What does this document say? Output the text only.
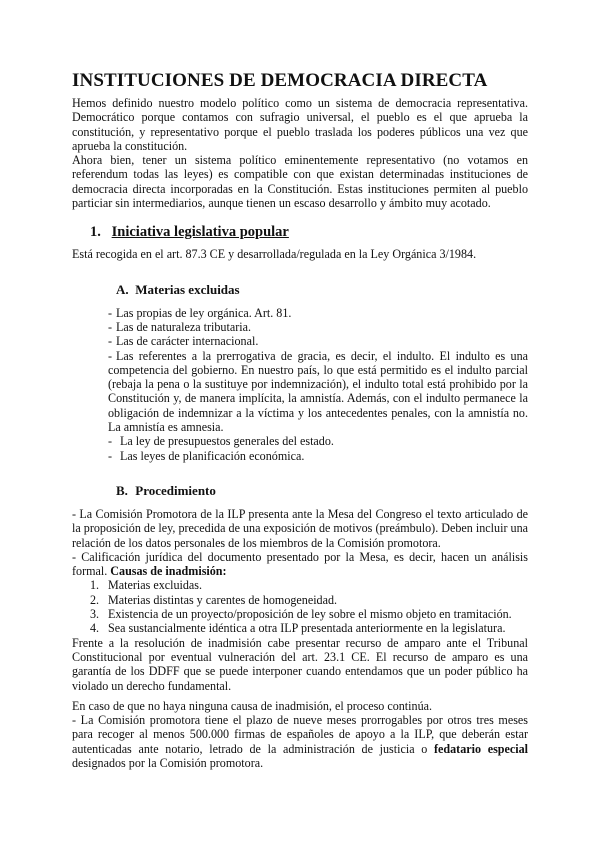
INSTITUCIONES DE DEMOCRACIA DIRECTA

Hemos definido nuestro modelo político como un sistema de democracia representativa. Democrático porque contamos con sufragio universal, el pueblo es el que aprueba la constitución, y representativo porque el pueblo traslada los poderes públicos una vez que aprueba la constitución.

Ahora bien, tener un sistema político eminentemente representativo (no votamos en referendum todas las leyes) es compatible con que existan determinadas instituciones de democracia directa incorporadas en la Constitución. Estas instituciones permiten al pueblo particiar sin intermediarios, aunque tienen un escaso desarrollo y ámbito muy acotado.

1. Iniciativa legislativa popular

Está recogida en el art. 87.3 CE y desarrollada/regulada en la Ley Orgánica 3/1984.

A. Materias excluidas
- Las propias de ley orgánica. Art. 81.
- Las de naturaleza tributaria.
- Las de carácter internacional.
- Las referentes a la prerrogativa de gracia, es decir, el indulto. El indulto es una competencia del gobierno. En nuestro país, lo que está permitido es el indulto parcial (rebaja la pena o la sustituye por indemnización), el indulto total está prohibido por la Constitución y, de manera implícita, la amnistía. Además, con el indulto permanece la obligación de indemnizar a la víctima y los antecedentes penales, con la amnistía no. La amnistía es amnesia.
- La ley de presupuestos generales del estado.
- Las leyes de planificación económica.
B. Procedimiento

- La Comisión Promotora de la ILP presenta ante la Mesa del Congreso el texto articulado de la proposición de ley, precedida de una exposición de motivos (preámbulo). Deben incluir una relación de los datos personales de los miembros de la Comisión promotora.

- Calificación jurídica del documento presentado por la Mesa, es decir, hacen un análisis formal. Causas de inadmisión:

1. Materias excluidas.
2. Materias distintas y carentes de homogeneidad.
3. Existencia de un proyecto/proposición de ley sobre el mismo objeto en tramitación.
4. Sea sustancialmente idéntica a otra ILP presentada anteriormente en la legislatura.

Frente a la resolución de inadmisión cabe presentar recurso de amparo ante el Tribunal Constitucional por eventual vulneración del art. 23.1 CE. El recurso de amparo es una garantía de los DDFF que se puede interponer cuando entendamos que un poder público ha violado un derecho fundamental.

En caso de que no haya ninguna causa de inadmisión, el proceso continúa.

- La Comisión promotora tiene el plazo de nueve meses prorrogables por otros tres meses para recoger al menos 500.000 firmas de españoles de apoyo a la ILP, que deberán estar autenticadas ante notario, letrado de la administración de justicia o fedatario especial designados por la Comisión promotora.
